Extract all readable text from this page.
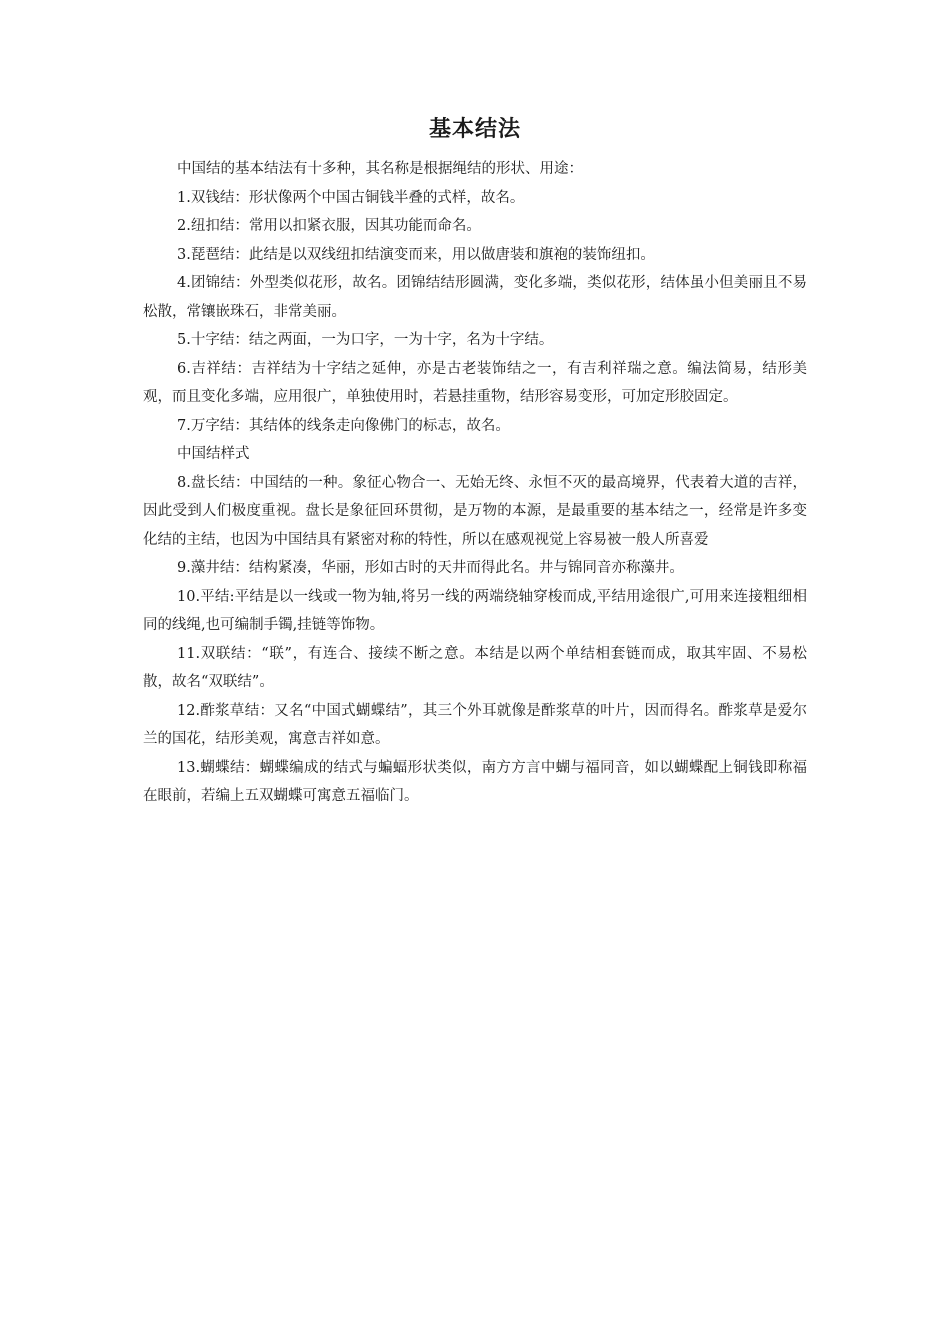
基本结法

中国结的基本结法有十多种，其名称是根据绳结的形状、用途：

1.双钱结：形状像两个中国古铜钱半叠的式样，故名。

2.纽扣结：常用以扣紧衣服，因其功能而命名。

3.琵琶结：此结是以双线纽扣结演变而来，用以做唐装和旗袍的装饰纽扣。

4.团锦结：外型类似花形，故名。团锦结结形圆满，变化多端，类似花形，结体虽小但美丽且不易松散，常镶嵌珠石，非常美丽。

5.十字结：结之两面，一为口字，一为十字，名为十字结。

6.吉祥结：吉祥结为十字结之延伸，亦是古老装饰结之一，有吉利祥瑞之意。编法简易，结形美观，而且变化多端，应用很广，单独使用时，若悬挂重物，结形容易变形，可加定形胶固定。

7.万字结：其结体的线条走向像佛门的标志，故名。

中国结样式

8.盘长结：中国结的一种。象征心物合一、无始无终、永恒不灭的最高境界，代表着大道的吉祥，因此受到人们极度重视。盘长是象征回环贯彻，是万物的本源，是最重要的基本结之一，经常是许多变化结的主结，也因为中国结具有紧密对称的特性，所以在感观视觉上容易被一般人所喜爱

9.藻井结：结构紧凑，华丽，形如古时的天井而得此名。井与锦同音亦称藻井。

10.平结:平结是以一线或一物为轴,将另一线的两端绕轴穿梭而成,平结用途很广,可用来连接粗细相同的线绳,也可编制手镯,挂链等饰物。

11.双联结：“联”，有连合、接续不断之意。本结是以两个单结相套链而成，取其牢固、不易松散，故名“双联结”。

12.酢浆草结：又名“中国式蝴蝶结”，其三个外耳就像是酢浆草的叶片，因而得名。酢浆草是爱尔兰的国花，结形美观，寓意吉祥如意。

13.蝴蝶结：蝴蝶编成的结式与蝙蝠形状类似，南方方言中蝴与福同音，如以蝴蝶配上铜钱即称福在眼前，若编上五双蝴蝶可寓意五福临门。
